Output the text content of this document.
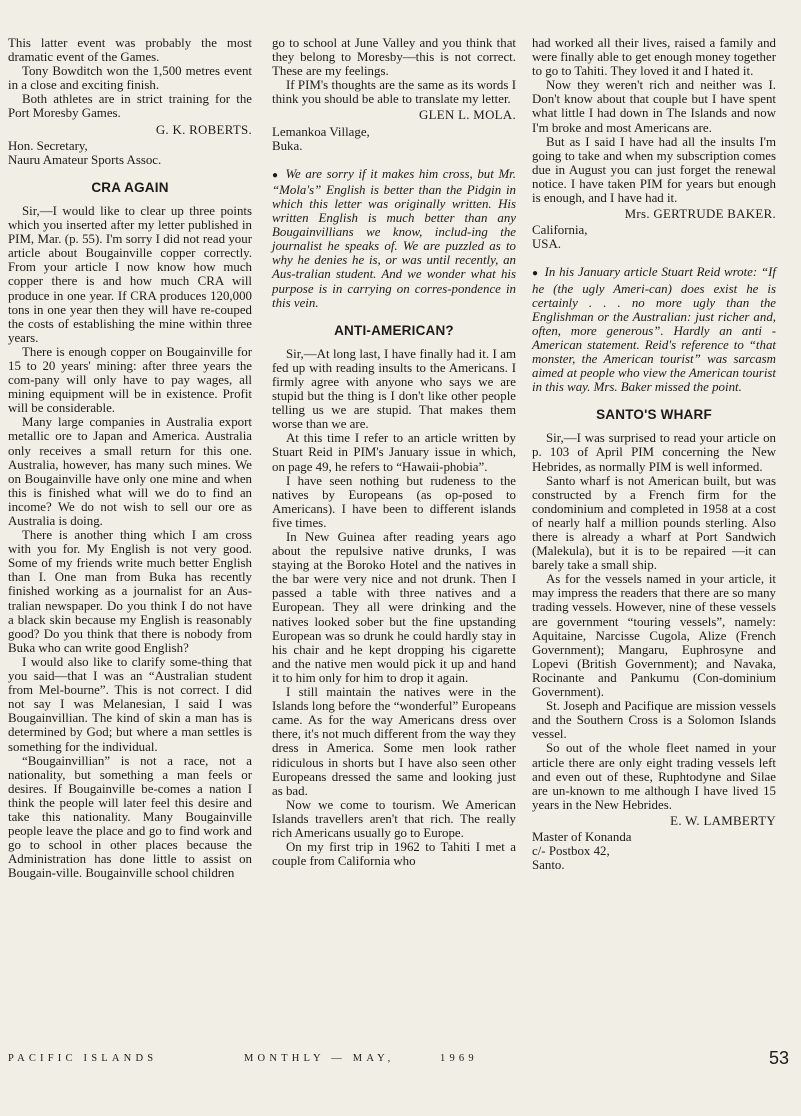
This latter event was probably the most dramatic event of the Games.

Tony Bowditch won the 1,500 metres event in a close and exciting finish.

Both athletes are in strict training for the Port Moresby Games.

G. K. ROBERTS.
Hon. Secretary,
Nauru Amateur Sports Assoc.
CRA AGAIN

Sir,—I would like to clear up three points which you inserted after my letter published in PIM, Mar. (p. 55). I'm sorry I did not read your article about Bougainville copper correctly. From your article I now know how much copper there is and how much CRA will produce in one year. If CRA produces 120,000 tons in one year then they will have re-couped the costs of establishing the mine within three years.

There is enough copper on Bougainville for 15 to 20 years' mining: after three years the com-pany will only have to pay wages, all mining equipment will be in existence. Profit will be considerable.

Many large companies in Australia export metallic ore to Japan and America. Australia only receives a small return for this one. Australia, however, has many such mines. We on Bougainville have only one mine and when this is finished what will we do to find an income? We do not wish to sell our ore as Australia is doing.

There is another thing which I am cross with you for. My English is not very good. Some of my friends write much better English than I. One man from Buka has recently finished working as a journalist for an Aus-tralian newspaper. Do you think I do not have a black skin because my English is reasonably good? Do you think that there is nobody from Buka who can write good English?

I would also like to clarify some-thing that you said—that I was an “Australian student from Mel-bourne”. This is not correct. I did not say I was Melanesian, I said I was Bougainvillian. The kind of skin a man has is determined by God; but where a man settles is something for the individual.

“Bougainvillian” is not a race, not a nationality, but something a man feels or desires. If Bougainville be-comes a nation I think the people will later feel this desire and take this nationality. Many Bougainville people leave the place and go to find work and go to school in other places because the Administration has done little to assist on Bougain-ville. Bougainville school children

go to school at June Valley and you think that they belong to Moresby—this is not correct. These are my feelings.

If PIM's thoughts are the same as its words I think you should be able to translate my letter.

GLEN L. MOLA.
Lemankoa Village,
Buka.

● We are sorry if it makes him cross, but Mr. “Mola's” English is better than the Pidgin in which this letter was originally written. His written English is much better than any Bougainvillians we know, includ-ing the journalist he speaks of. We are puzzled as to why he denies he is, or was until recently, an Aus-tralian student. And we wonder what his purpose is in carrying on corres-pondence in this vein.

ANTI-AMERICAN?

Sir,—At long last, I have finally had it. I am fed up with reading insults to the Americans. I firmly agree with anyone who says we are stupid but the thing is I don't like other people telling us we are stupid. That makes them worse than we are.

At this time I refer to an article written by Stuart Reid in PIM's January issue in which, on page 49, he refers to “Hawaii-phobia”.

I have seen nothing but rudeness to the natives by Europeans (as op-posed to Americans). I have been to different islands five times.

In New Guinea after reading years ago about the repulsive native drunks, I was staying at the Boroko Hotel and the natives in the bar were very nice and not drunk. Then I passed a table with three natives and a European. They all were drinking and the natives looked sober but the fine upstanding European was so drunk he could hardly stay in his chair and he kept dropping his cigarette and the native men would pick it up and hand it to him only for him to drop it again.

I still maintain the natives were in the Islands long before the “wonderful” Europeans came. As for the way Americans dress over there, it's not much different from the way they dress in America. Some men look rather ridiculous in shorts but I have also seen other Europeans dressed the same and looking just as bad.

Now we come to tourism. We American Islands travellers aren't that rich. The really rich Americans usually go to Europe.

On my first trip in 1962 to Tahiti I met a couple from California who

had worked all their lives, raised a family and were finally able to get enough money together to go to Tahiti. They loved it and I hated it.

Now they weren't rich and neither was I. Don't know about that couple but I have spent what little I had down in The Islands and now I'm broke and most Americans are.

But as I said I have had all the insults I'm going to take and when my subscription comes due in August you can just forget the renewal notice. I have taken PIM for years but enough is enough, and I have had it.

Mrs. GERTRUDE BAKER.
California,
USA.

● In his January article Stuart Reid wrote: “If he (the ugly Ameri-can) does exist he is certainly . . . no more ugly than the Englishman or the Australian: just richer and, often, more generous”. Hardly an anti - American statement. Reid's reference to “that monster, the American tourist” was sarcasm aimed at people who view the American tourist in this way. Mrs. Baker missed the point.

SANTO'S WHARF

Sir,—I was surprised to read your article on p. 103 of April PIM concerning the New Hebrides, as normally PIM is well informed.

Santo wharf is not American built, but was constructed by a French firm for the condominium and completed in 1958 at a cost of nearly half a million pounds sterling. Also there is already a wharf at Port Sandwich (Malekula), but it is to be repaired —it can barely take a small ship.

As for the vessels named in your article, it may impress the readers that there are so many trading vessels. However, nine of these vessels are government “touring vessels”, namely: Aquitaine, Narcisse Cugola, Alize (French Government); Mangaru, Euphrosyne and Lopevi (British Government); and Navaka, Rocinante and Pankumu (Con-dominium Government).

St. Joseph and Pacifique are mission vessels and the Southern Cross is a Solomon Islands vessel.

So out of the whole fleet named in your article there are only eight trading vessels left and even out of these, Ruphtodyne and Silae are un-known to me although I have lived 15 years in the New Hebrides.

E. W. LAMBERTY
Master of Konanda
c/- Postbox 42,
Santo.
PACIFIC ISLANDS	MONTHLY — MAY,	1969	53
